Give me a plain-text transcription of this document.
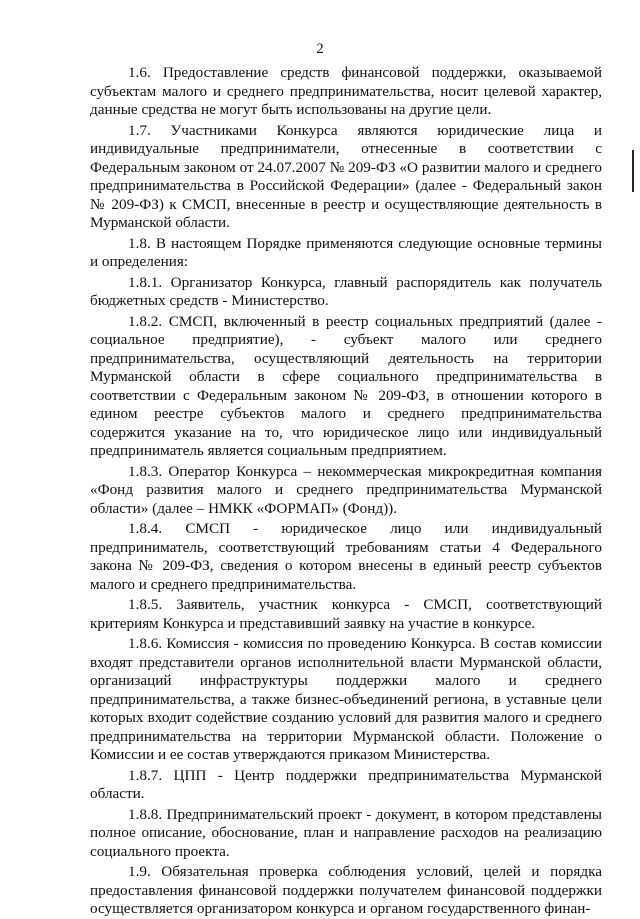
2

1.6. Предоставление средств финансовой поддержки, оказываемой субъектам малого и среднего предпринимательства, носит целевой характер, данные средства не могут быть использованы на другие цели.

1.7. Участниками Конкурса являются юридические лица и индивидуальные предприниматели, отнесенные в соответствии с Федеральным законом от 24.07.2007 № 209-ФЗ «О развитии малого и среднего предпринимательства в Российской Федерации» (далее - Федеральный закон № 209-ФЗ) к СМСП, внесенные в реестр и осуществляющие деятельность в Мурманской области.

1.8. В настоящем Порядке применяются следующие основные термины и определения:

1.8.1. Организатор Конкурса, главный распорядитель как получатель бюджетных средств - Министерство.

1.8.2. СМСП, включенный в реестр социальных предприятий (далее - социальное предприятие), - субъект малого или среднего предпринимательства, осуществляющий деятельность на территории Мурманской области в сфере социального предпринимательства в соответствии с Федеральным законом № 209-ФЗ, в отношении которого в едином реестре субъектов малого и среднего предпринимательства содержится указание на то, что юридическое лицо или индивидуальный предприниматель является социальным предприятием.

1.8.3. Оператор Конкурса – некоммерческая микрокредитная компания «Фонд развития малого и среднего предпринимательства Мурманской области» (далее – НМКК «ФОРМАП» (Фонд)).

1.8.4. СМСП - юридическое лицо или индивидуальный предприниматель, соответствующий требованиям статьи 4 Федерального закона № 209-ФЗ, сведения о котором внесены в единый реестр субъектов малого и среднего предпринимательства.

1.8.5. Заявитель, участник конкурса - СМСП, соответствующий критериям Конкурса и представивший заявку на участие в конкурсе.

1.8.6. Комиссия - комиссия по проведению Конкурса. В состав комиссии входят представители органов исполнительной власти Мурманской области, организаций инфраструктуры поддержки малого и среднего предпринимательства, а также бизнес-объединений региона, в уставные цели которых входит содействие созданию условий для развития малого и среднего предпринимательства на территории Мурманской области. Положение о Комиссии и ее состав утверждаются приказом Министерства.

1.8.7. ЦПП - Центр поддержки предпринимательства Мурманской области.

1.8.8. Предпринимательский проект - документ, в котором представлены полное описание, обоснование, план и направление расходов на реализацию социального проекта.

1.9. Обязательная проверка соблюдения условий, целей и порядка предоставления финансовой поддержки получателем финансовой поддержки осуществляется организатором конкурса и органом государственного финан-
